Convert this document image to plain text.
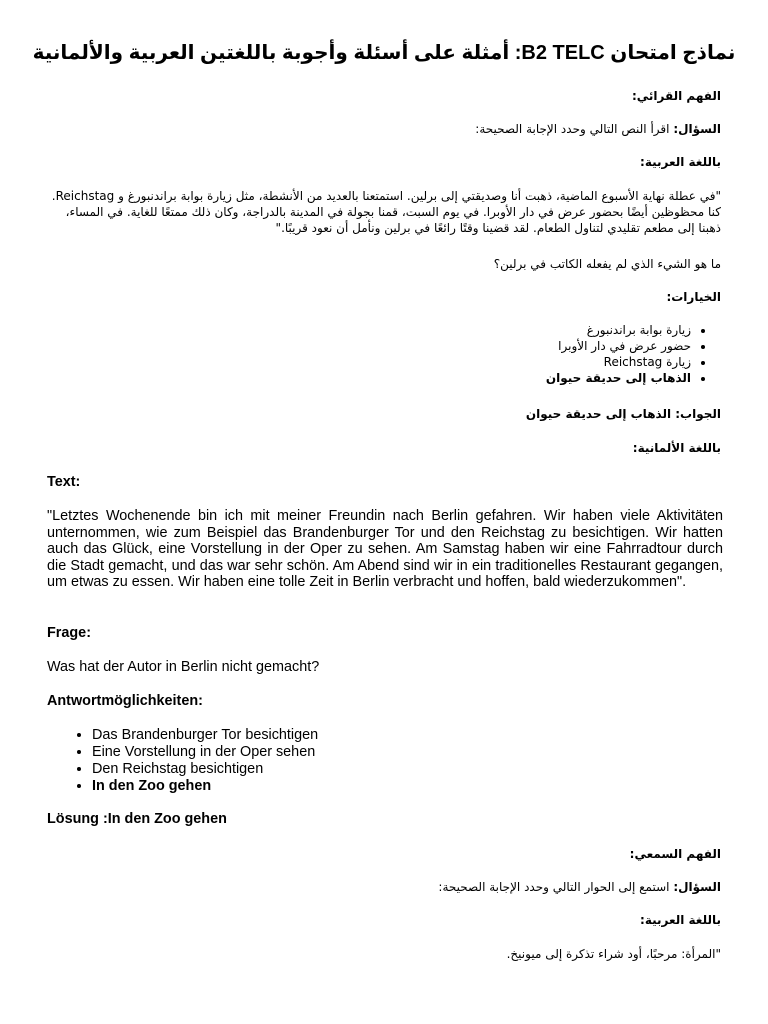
نماذج امتحان B2 TELC: أمثلة على أسئلة وأجوبة باللغتين العربية والألمانية
الفهم القرائي:
السؤال: اقرأ النص التالي وحدد الإجابة الصحيحة:
باللغة العربية:
"في عطلة نهاية الأسبوع الماضية، ذهبت أنا وصديقتي إلى برلين. استمتعنا بالعديد من الأنشطة، مثل زيارة بوابة براندنبورغ و Reichstag.
كنا محظوظين أيضًا بحضور عرض في دار الأوبرا. في يوم السبت، قمنا بجولة في المدينة بالدراجة، وكان ذلك ممتعًا للغاية. في المساء،
ذهبنا إلى مطعم تقليدي لتناول الطعام. لقد قضينا وقتًا رائعًا في برلين ونأمل أن نعود قريبًا."
ما هو الشيء الذي لم يفعله الكاتب في برلين؟
الخيارات:
• زيارة بوابة براندنبورغ
• حضور عرض في دار الأوبرا
• زيارة Reichstag
• الذهاب إلى حديقة حيوان
الجواب: الذهاب إلى حديقة حيوان
باللغة الألمانية:
Text:
"Letztes Wochenende bin ich mit meiner Freundin nach Berlin gefahren. Wir haben viele Aktivitäten unternommen, wie zum Beispiel das Brandenburger Tor und den Reichstag zu besichtigen. Wir hatten auch das Glück, eine Vorstellung in der Oper zu sehen. Am Samstag haben wir eine Fahrradtour durch die Stadt gemacht, und das war sehr schön. Am Abend sind wir in ein traditionelles Restaurant gegangen, um etwas zu essen. Wir haben eine tolle Zeit in Berlin verbracht und hoffen, bald wiederzukommen".
Frage:
Was hat der Autor in Berlin nicht gemacht?
Antwortmöglichkeiten:
• Das Brandenburger Tor besichtigen
• Eine Vorstellung in der Oper sehen
• Den Reichstag besichtigen
• In den Zoo gehen
Lösung :In den Zoo gehen
الفهم السمعي:
السؤال: استمع إلى الحوار التالي وحدد الإجابة الصحيحة:
باللغة العربية:
"المرأة: مرحبًا، أود شراء تذكرة إلى ميونيخ.
